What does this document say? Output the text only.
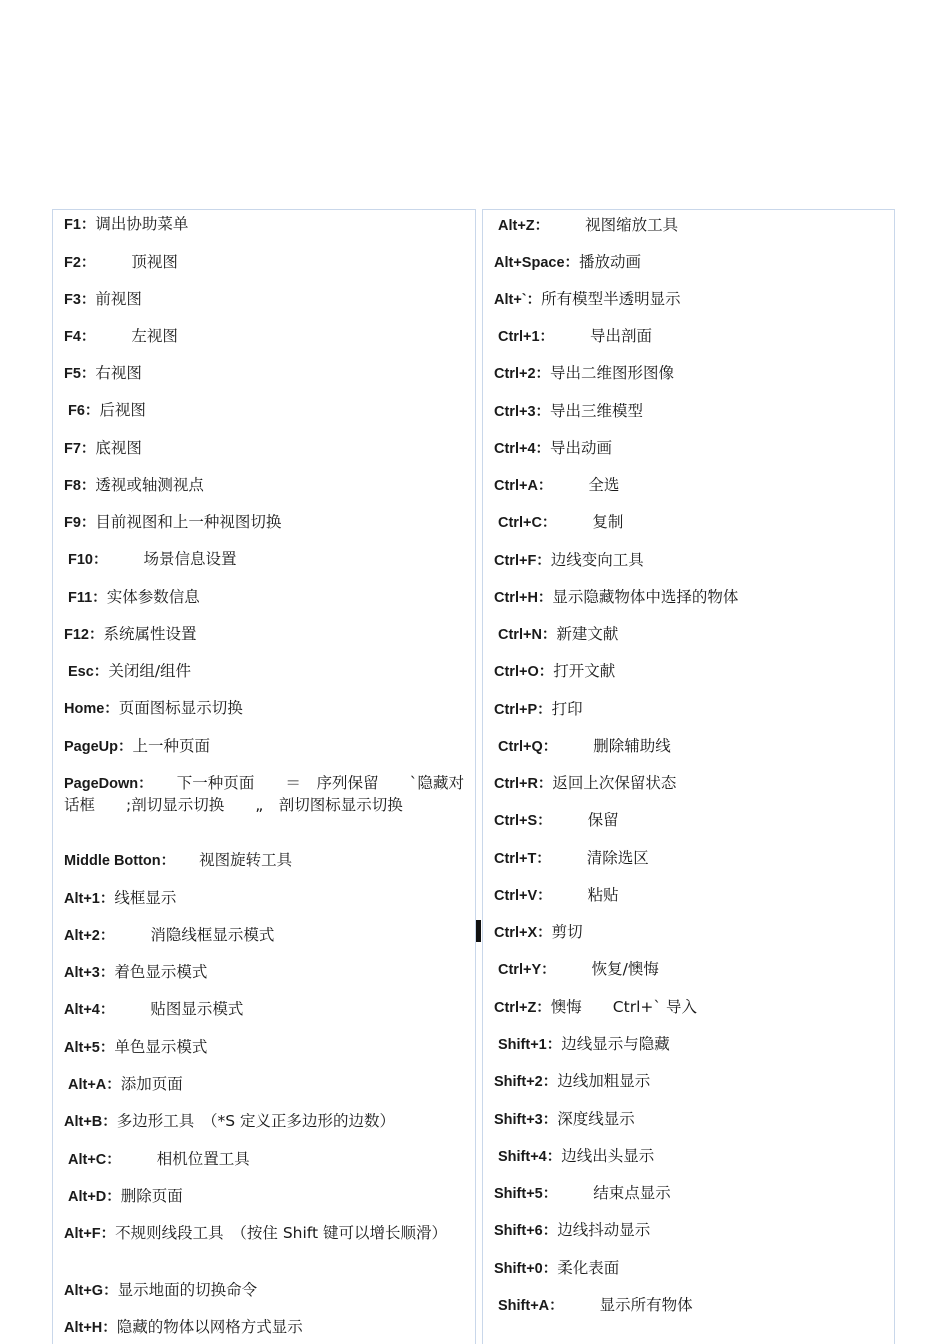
F1：调出协助菜单
F2： 顶视图
F3：前视图
F4： 左视图
F5：右视图
F6：后视图
F7：底视图
F8：透视或轴测视点
F9：目前视图和上一种视图切换
F10： 场景信息设置
F11：实体参数信息
F12：系统属性设置
Esc：关闭组/组件
Home：页面图标显示切换
PageUp：上一种页面
PageDown： 下一种页面　　＝　序列保留　　`隐藏对话框　　;剖切显示切换　　„　剖切图标显示切换
Middle Botton： 视图旋转工具
Alt+1：线框显示
Alt+2： 消隐线框显示模式
Alt+3：着色显示模式
Alt+4： 贴图显示模式
Alt+5：单色显示模式
Alt+A：添加页面
Alt+B：多边形工具　（*S 定义正多边形的边数）
Alt+C： 相机位置工具
Alt+D：删除页面
Alt+F：不规则线段工具　（按住 Shift 键可以增长顺滑）
Alt+G：显示地面的切换命令
Alt+H：隐藏的物体以网格方式显示
Alt+Z： 视图缩放工具
Alt+Space：播放动画
Alt+`：所有模型半透明显示
Ctrl+1： 导出剖面
Ctrl+2：导出二维图形图像
Ctrl+3：导出三维模型
Ctrl+4：导出动画
Ctrl+A： 全选
Ctrl+C： 复制
Ctrl+F：边线变向工具
Ctrl+H：显示隐藏物体中选择的物体
Ctrl+N：新建文献
Ctrl+O：打开文献
Ctrl+P：打印
Ctrl+Q： 删除辅助线
Ctrl+R：返回上次保留状态
Ctrl+S： 保留
Ctrl+T： 清除选区
Ctrl+V： 粘贴
Ctrl+X：剪切
Ctrl+Y： 恢复/懊悔
Ctrl+Z：懊悔　　Ctrl+` 导入
Shift+1：边线显示与隐藏
Shift+2：边线加粗显示
Shift+3：深度线显示
Shift+4：边线出头显示
Shift+5： 结束点显示
Shift+6：边线抖动显示
Shift+0：柔化表面
Shift+A： 显示所有物体
